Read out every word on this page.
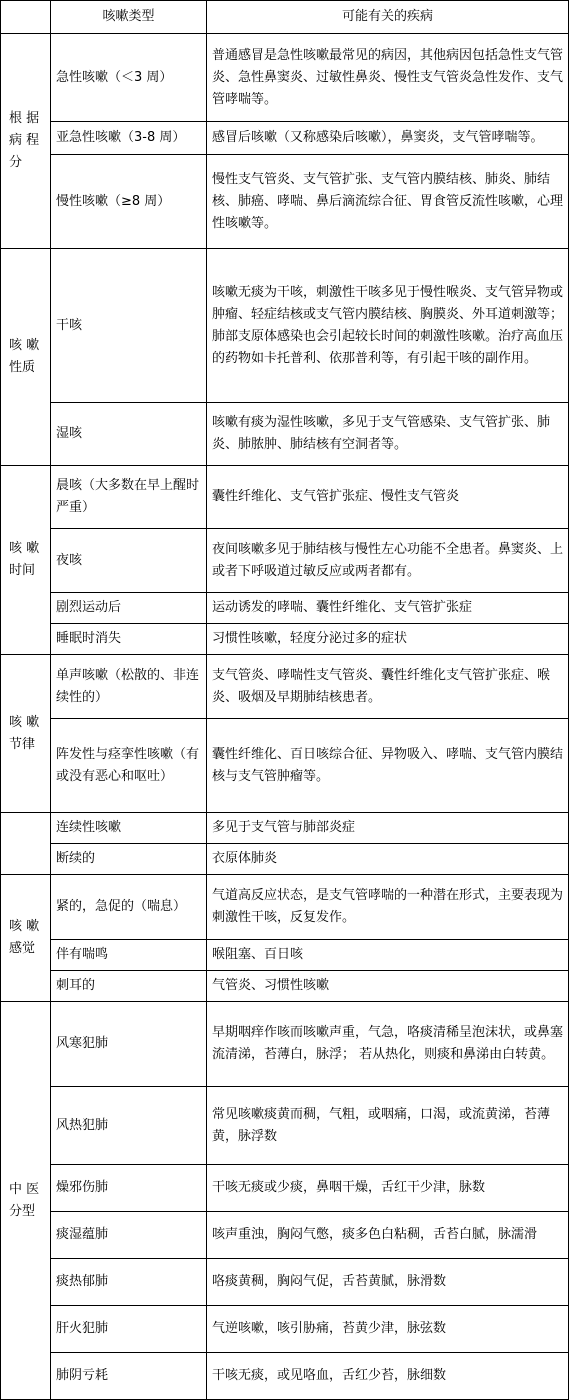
	咳嗽类型	可能有关的疾病
根 据 病 程 分	急性咳嗽（＜3 周）	普通感冒是急性咳嗽最常见的病因，其他病因包括急性支气管炎、急性鼻窦炎、过敏性鼻炎、慢性支气管炎急性发作、支气管哮喘等。
	亚急性咳嗽（3-8 周）	感冒后咳嗽（又称感染后咳嗽），鼻窦炎，支气管哮喘等。
	慢性咳嗽（≥8 周）	慢性支气管炎、支气管扩张、支气管内膜结核、肺炎、肺结核、肺癌、哮喘、鼻后滴流综合征、胃食管反流性咳嗽，心理性咳嗽等。
咳 嗽 性质	干咳	咳嗽无痰为干咳，刺激性干咳多见于慢性喉炎、支气管异物或肿瘤、轻症结核或支气管内膜结核、胸膜炎、外耳道刺激等；肺部支原体感染也会引起较长时间的刺激性咳嗽。治疗高血压的药物如卡托普利、依那普利等，有引起干咳的副作用。
	湿咳	咳嗽有痰为湿性咳嗽，多见于支气管感染、支气管扩张、肺炎、肺脓肿、肺结核有空洞者等。
咳 嗽 时间	晨咳（大多数在早上醒时严重）	囊性纤维化、支气管扩张症、慢性支气管炎
	夜咳	夜间咳嗽多见于肺结核与慢性左心功能不全患者。鼻窦炎、上或者下呼吸道过敏反应或两者都有。
	剧烈运动后	运动诱发的哮喘、囊性纤维化、支气管扩张症
	睡眠时消失	习惯性咳嗽，轻度分泌过多的症状
咳 嗽 节律	单声咳嗽（松散的、非连续性的）	支气管炎、哮喘性支气管炎、囊性纤维化支气管扩张症、喉炎、吸烟及早期肺结核患者。
	阵发性与痉挛性咳嗽（有或没有恶心和呕吐）	囊性纤维化、百日咳综合征、异物吸入、哮喘、支气管内膜结核与支气管肿瘤等。
	连续性咳嗽	多见于支气管与肺部炎症
	断续的	衣原体肺炎
咳 嗽 感觉	紧的，急促的（喘息）	气道高反应状态，是支气管哮喘的一种潜在形式，主要表现为刺激性干咳，反复发作。
	伴有喘鸣	喉阻塞、百日咳
	刺耳的	气管炎、习惯性咳嗽
中 医 分型	风寒犯肺	早期咽痒作咳而咳嗽声重，气急，咯痰清稀呈泡沫状，或鼻塞流清涕，苔薄白，脉浮； 若从热化，则痰和鼻涕由白转黄。
	风热犯肺	常见咳嗽痰黄而稠，气粗，或咽痛，口渴，或流黄涕，苔薄黄，脉浮数
	燥邪伤肺	干咳无痰或少痰，鼻咽干燥，舌红干少津，脉数
	痰湿蕴肺	咳声重浊，胸闷气憋，痰多色白粘稠，舌苔白腻，脉濡滑
	痰热郁肺	咯痰黄稠，胸闷气促，舌苔黄腻，脉滑数
	肝火犯肺	气逆咳嗽，咳引胁痛，苔黄少津，脉弦数
	肺阴亏耗	干咳无痰，或见咯血，舌红少苔，脉细数
